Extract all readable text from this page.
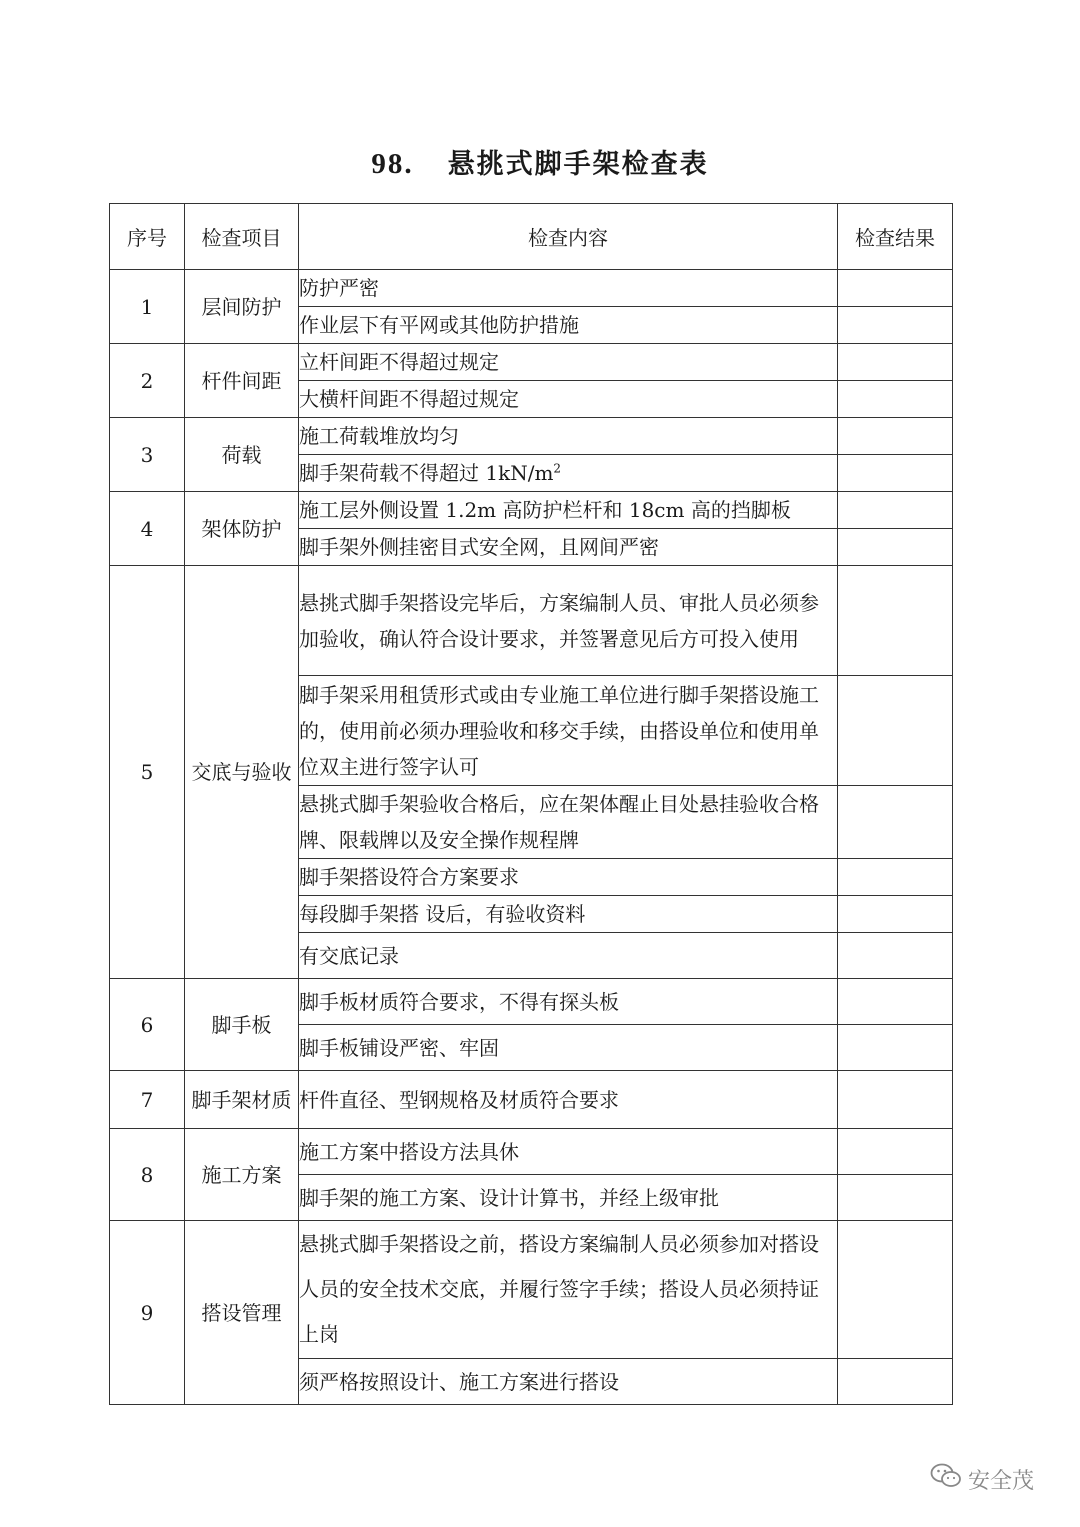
98. 悬挑式脚手架检查表
序号	检查项目	检查内容	检查结果
1	层间防护	防护严密	
		作业层下有平网或其他防护措施	
2	杆件间距	立杆间距不得超过规定	
		大横杆间距不得超过规定	
3	荷载	施工荷载堆放均匀	
		脚手架荷载不得超过 $1kN/m^2$	
4	架体防护	施工层外侧设置 1.2m 高防护栏杆和 18cm 高的挡脚板	
		脚手架外侧挂密目式安全网，且网间严密	
5	交底与验收	悬挑式脚手架搭设完毕后，方案编制人员、审批人员必须参加验收，确认符合设计要求，并签署意见后方可投入使用	
		脚手架采用租赁形式或由专业施工单位进行脚手架搭设施工的，使用前必须办理验收和移交手续，由搭设单位和使用单位双主进行签字认可	
		悬挑式脚手架验收合格后，应在架体醒止目处悬挂验收合格牌、限载牌以及安全操作规程牌	
		脚手架搭设符合方案要求	
		每段脚手架搭 设后，有验收资料	
		有交底记录	
6	脚手板	脚手板材质符合要求，不得有探头板	
		脚手板铺设严密、牢固	
7	脚手架材质	杆件直径、型钢规格及材质符合要求	
8	施工方案	施工方案中搭设方法具休	
		脚手架的施工方案、设计计算书，并经上级审批	
9	搭设管理	悬挑式脚手架搭设之前，搭设方案编制人员必须参加对搭设人员的安全技术交底，并履行签字手续；搭设人员必须持证上岗	
		须严格按照设计、施工方案进行搭设	
安全茂
